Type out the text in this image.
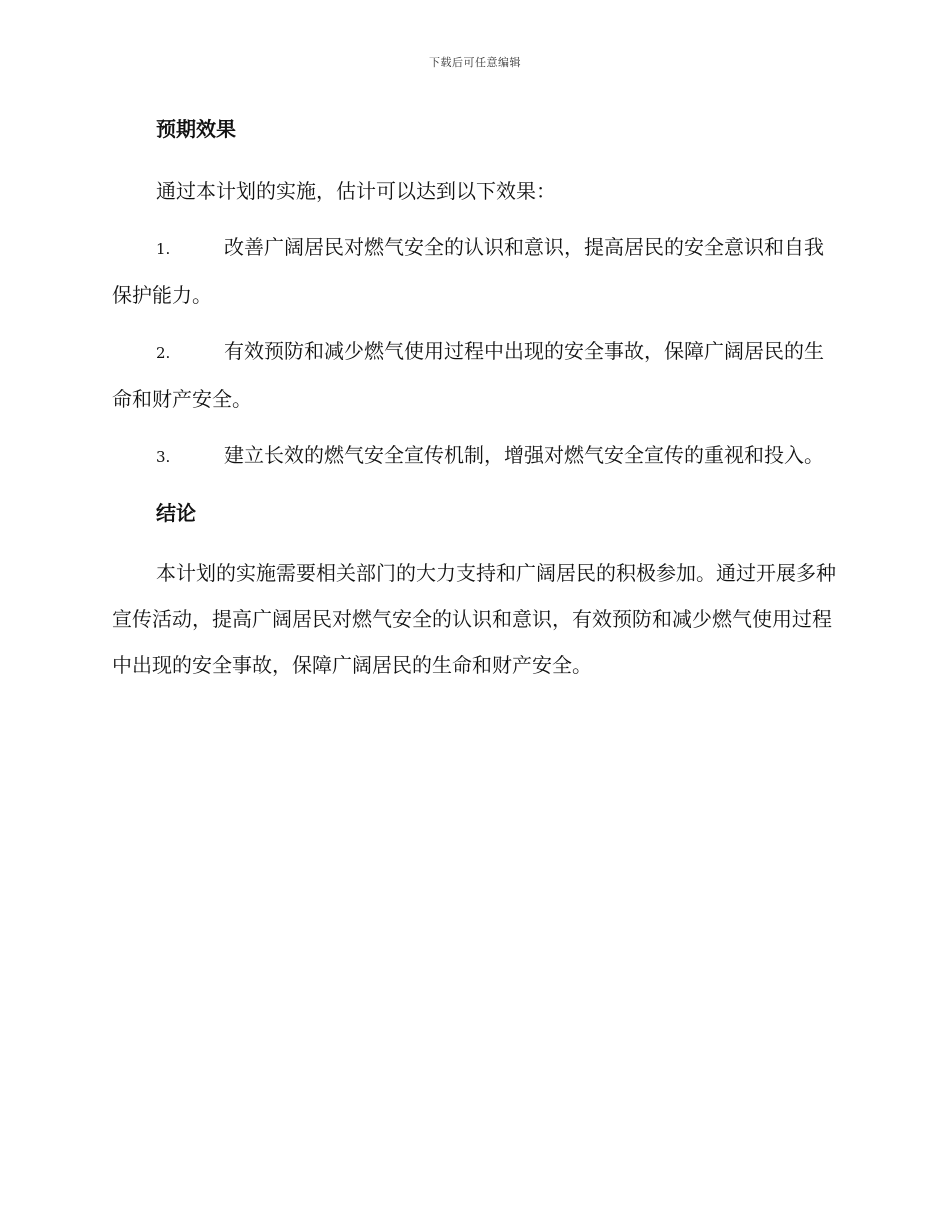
下载后可任意编辑
预期效果

通过本计划的实施，估计可以达到以下效果：

1.	改善广阔居民对燃气安全的认识和意识，提高居民的安全意识和自我保护能力。

2.	有效预防和减少燃气使用过程中出现的安全事故，保障广阔居民的生命和财产安全。

3.	建立长效的燃气安全宣传机制，增强对燃气安全宣传的重视和投入。

结论

本计划的实施需要相关部门的大力支持和广阔居民的积极参加。通过开展多种宣传活动，提高广阔居民对燃气安全的认识和意识，有效预防和减少燃气使用过程中出现的安全事故，保障广阔居民的生命和财产安全。
